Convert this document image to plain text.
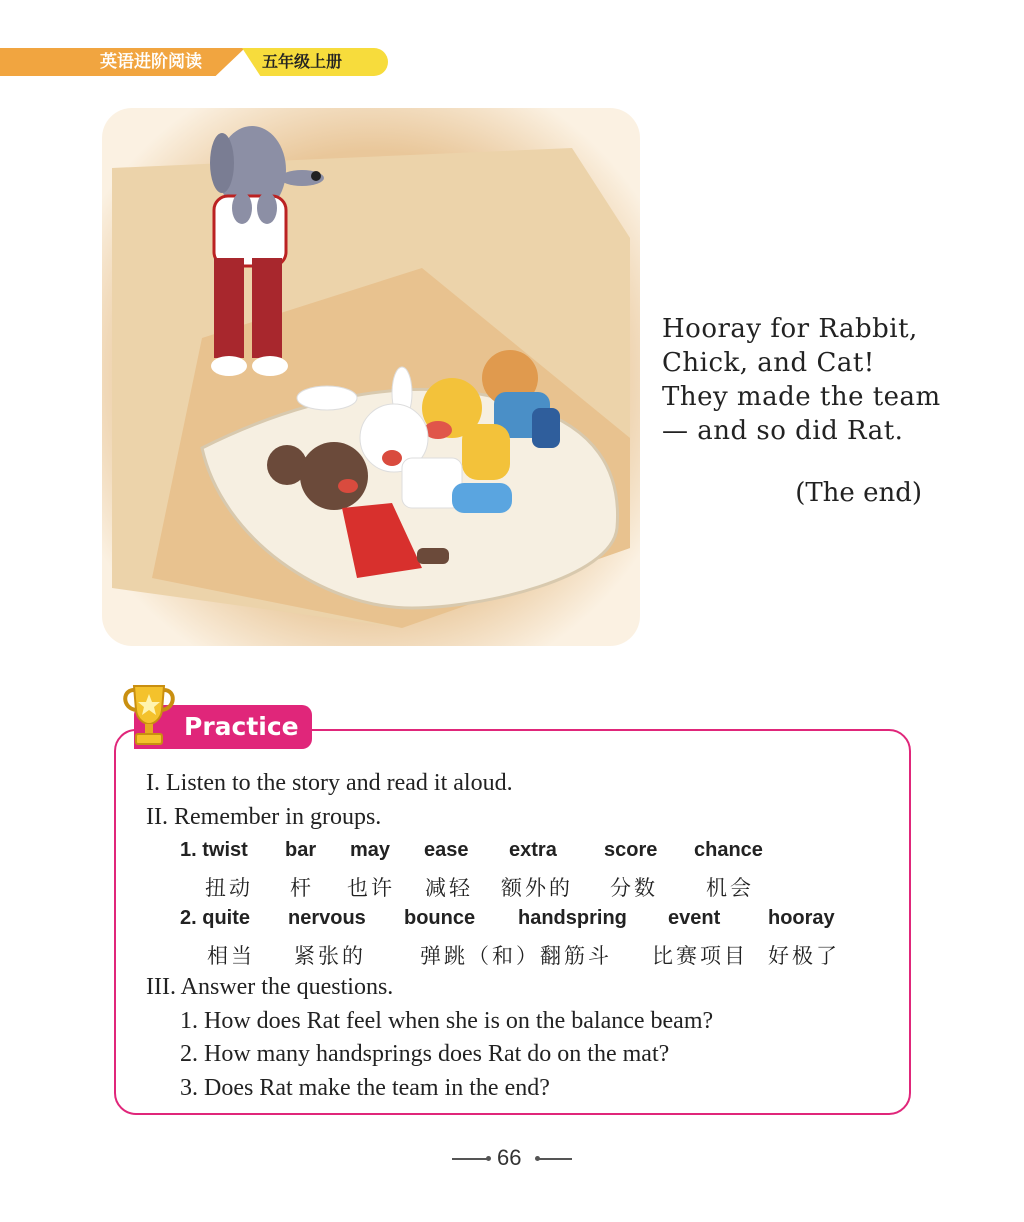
英语进阶阅读	五年级上册
Hooray for Rabbit,
Chick, and Cat!
They made the team
— and so did Rat.
(The end)
Practice
I. Listen to the story and read it aloud.
II. Remember in groups.
1. twist bar may ease extra score chance
扭动 杆 也许 减轻 额外的 分数 机会
2. quite nervous bounce handspring event hooray
相当 紧张的	弹跳（和）翻筋斗 比赛项目 好极了
III. Answer the questions.
1. How does Rat feel when she is on the balance beam?
2. How many handsprings does Rat do on the mat?
3. Does Rat make the team in the end?
66
